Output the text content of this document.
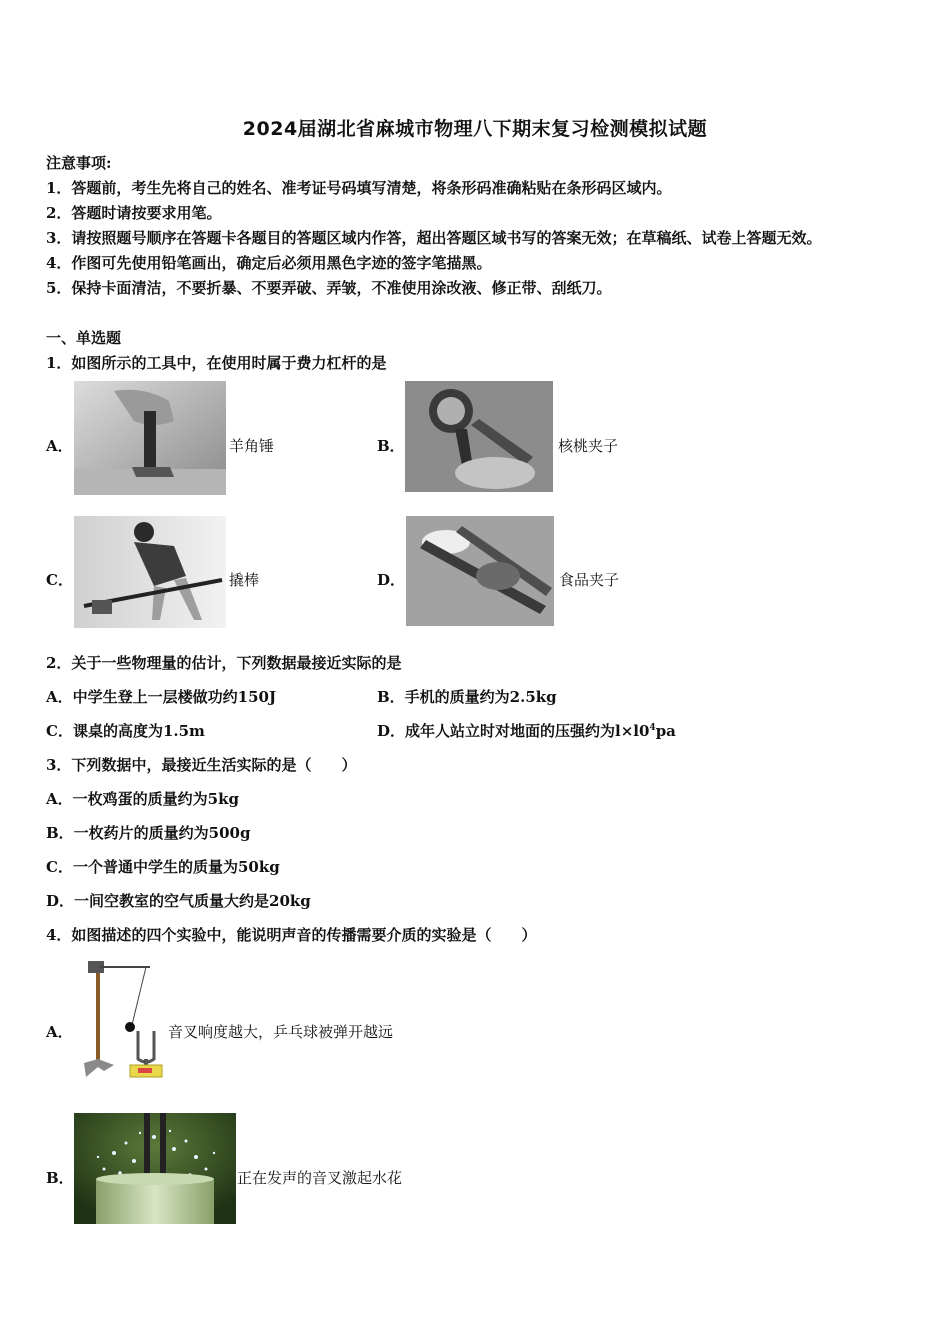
2024届湖北省麻城市物理八下期末复习检测模拟试题
注意事项:
1．答题前，考生先将自己的姓名、准考证号码填写清楚，将条形码准确粘贴在条形码区域内。
2．答题时请按要求用笔。
3．请按照题号顺序在答题卡各题目的答题区域内作答，超出答题区域书写的答案无效；在草稿纸、试卷上答题无效。
4．作图可先使用铅笔画出，确定后必须用黑色字迹的签字笔描黑。
5．保持卡面清洁，不要折暴、不要弄破、弄皱，不准使用涂改液、修正带、刮纸刀。
一、单选题
1．如图所示的工具中，在使用时属于费力杠杆的是
A．	羊角锤	B．	核桃夹子
C．	撬棒	D．	食品夹子
2．关于一些物理量的估计，下列数据最接近实际的是
A．中学生登上一层楼做功约150J	B．手机的质量约为2.5kg
C．课桌的高度为1.5m	D．成年人站立时对地面的压强约为$l\times l0^4pa$
3．下列数据中，最接近生活实际的是（　　）
A．一枚鸡蛋的质量约为5kg
B．一枚药片的质量约为500g
C．一个普通中学生的质量为50kg
D．一间空教室的空气质量大约是20kg
4．如图描述的四个实验中，能说明声音的传播需要介质的实验是（　　）
A．	音叉响度越大，乒乓球被弹开越远
B．	正在发声的音叉激起水花
